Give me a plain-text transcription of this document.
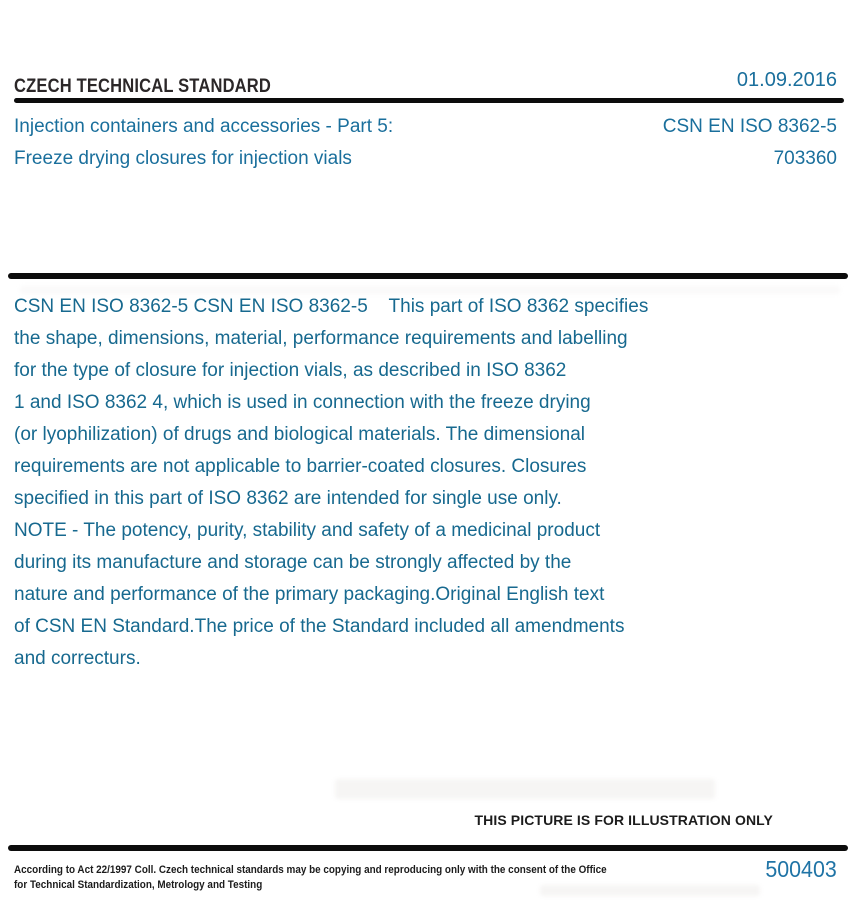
CZECH TECHNICAL STANDARD	01.09.2016
Injection containers and accessories - Part 5:	CSN EN ISO 8362-5
Freeze drying closures for injection vials	703360
CSN EN ISO 8362-5 CSN EN ISO 8362-5    This part of ISO 8362 specifies
the shape, dimensions, material, performance requirements and labelling
for the type of closure for injection vials, as described in ISO 8362
1 and ISO 8362 4, which is used in connection with the freeze drying
(or lyophilization) of drugs and biological materials. The dimensional
requirements are not applicable to barrier-coated closures. Closures
specified in this part of ISO 8362 are intended for single use only.
NOTE - The potency, purity, stability and safety of a medicinal product
during its manufacture and storage can be strongly affected by the
nature and performance of the primary packaging.Original English text
of CSN EN Standard.The price of the Standard included all amendments
and correcturs.
THIS PICTURE IS FOR ILLUSTRATION ONLY
According to Act 22/1997 Coll. Czech technical standards may be copying and reproducing only with the consent of the Office
for Technical Standardization, Metrology and Testing
500403
